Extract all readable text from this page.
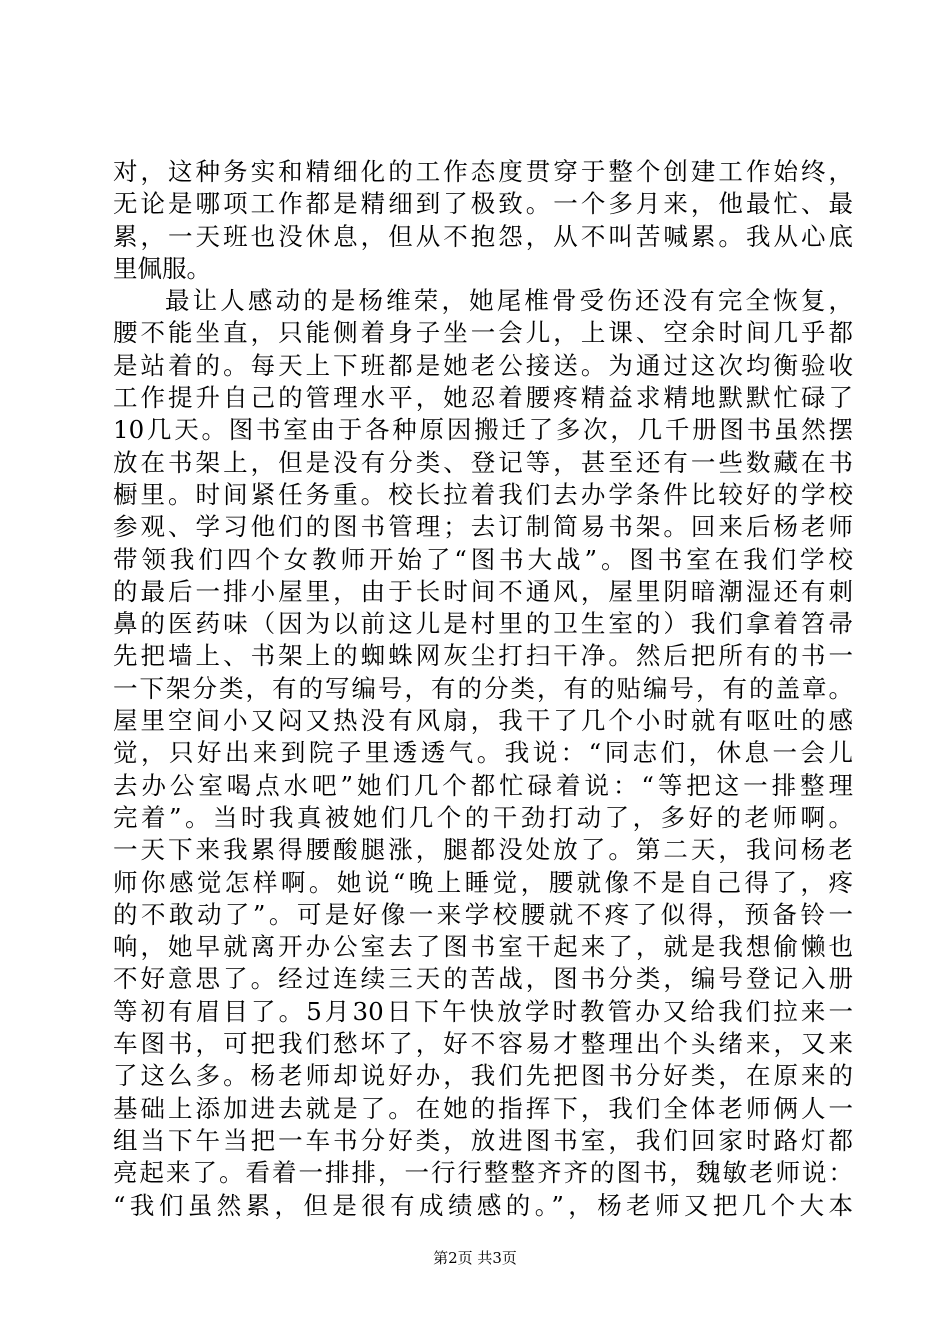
对，这种务实和精细化的工作态度贯穿于整个创建工作始终，
无论是哪项工作都是精细到了极致。一个多月来，他最忙、最
累，一天班也没休息，但从不抱怨，从不叫苦喊累。我从心底
里佩服。
最让人感动的是杨维荣，她尾椎骨受伤还没有完全恢复，
腰不能坐直，只能侧着身子坐一会儿，上课、空余时间几乎都
是站着的。每天上下班都是她老公接送。为通过这次均衡验收
工作提升自己的管理水平，她忍着腰疼精益求精地默默忙碌了
10几天。图书室由于各种原因搬迁了多次，几千册图书虽然摆
放在书架上，但是没有分类、登记等，甚至还有一些数藏在书
橱里。时间紧任务重。校长拉着我们去办学条件比较好的学校
参观、学习他们的图书管理；去订制简易书架。回来后杨老师
带领我们四个女教师开始了“图书大战”。图书室在我们学校
的最后一排小屋里，由于长时间不通风，屋里阴暗潮湿还有刺
鼻的医药味（因为以前这儿是村里的卫生室的）我们拿着笤帚
先把墙上、书架上的蜘蛛网灰尘打扫干净。然后把所有的书一
一下架分类，有的写编号，有的分类，有的贴编号，有的盖章。
屋里空间小又闷又热没有风扇，我干了几个小时就有呕吐的感
觉，只好出来到院子里透透气。我说：“同志们，休息一会儿
去办公室喝点水吧”她们几个都忙碌着说：“等把这一排整理
完着”。当时我真被她们几个的干劲打动了，多好的老师啊。
一天下来我累得腰酸腿涨，腿都没处放了。第二天，我问杨老
师你感觉怎样啊。她说“晚上睡觉，腰就像不是自己得了，疼
的不敢动了”。可是好像一来学校腰就不疼了似得，预备铃一
响，她早就离开办公室去了图书室干起来了，就是我想偷懒也
不好意思了。经过连续三天的苦战，图书分类，编号登记入册
等初有眉目了。5月30日下午快放学时教管办又给我们拉来一
车图书，可把我们愁坏了，好不容易才整理出个头绪来，又来
了这么多。杨老师却说好办，我们先把图书分好类，在原来的
基础上添加进去就是了。在她的指挥下，我们全体老师俩人一
组当下午当把一车书分好类，放进图书室，我们回家时路灯都
亮起来了。看着一排排，一行行整整齐齐的图书，魏敏老师说：
“我们虽然累，但是很有成绩感的。”，杨老师又把几个大本
第2页 共3页
